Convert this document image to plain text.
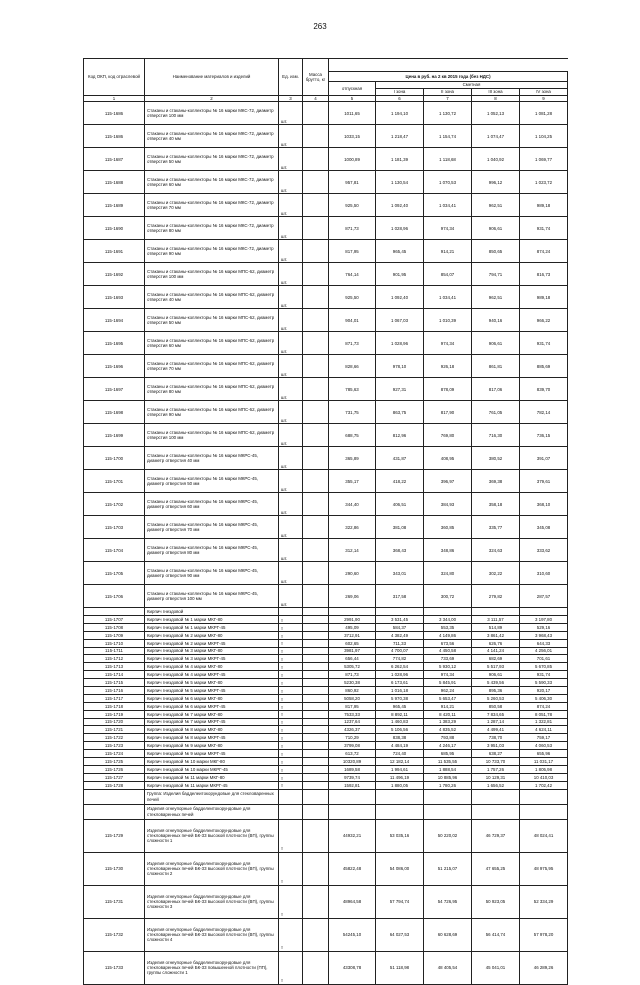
263
Код ОКП, код отраслевой	Наименование материалов и изделий	Ед. изм.	Масса брутто, кг					
				Цена в руб. на 2 кв 2015 года (без НДС)				
				отпускная	Сметная			
					I зона	II зона	III зона	IV зона
1	2	3	4	5	6	7	8	9
115-1686	Стаканы и стаканы-коллекторы № 16 марки МКС-72, диаметр отверстия 100 мм	шт.		1011,65	1 194,10	1 130,72	1 052,13	1 081,28
115-1686	Стаканы и стаканы-коллекторы № 16 марки МКС-72, диаметр отверстия 40 мм	шт.		1033,15	1 218,47	1 154,74	1 074,47	1 104,25
115-1687	Стаканы и стаканы-коллекторы № 16 марки МКС-72, диаметр отверстия 50 мм	шт.		1000,89	1 181,39	1 118,68	1 040,92	1 069,77
115-1688	Стаканы и стаканы-коллекторы № 16 марки МКС-72, диаметр отверстия 60 мм	шт.		957,81	1 130,54	1 070,53	996,12	1 023,72
115-1689	Стаканы и стаканы-коллекторы № 16 марки МКС-72, диаметр отверстия 70 мм	шт.		925,50	1 092,40	1 034,41	962,51	989,18
115-1690	Стаканы и стаканы-коллекторы № 16 марки МКС-72, диаметр отверстия 80 мм	шт.		871,73	1 028,96	974,34	906,61	931,74
115-1691	Стаканы и стаканы-коллекторы № 16 марки МКС-72, диаметр отверстия 90 мм	шт.		817,95	965,45	914,21	850,65	874,24
115-1692	Стаканы и стаканы-коллекторы № 16 марки МПС-62, диаметр отверстия 100 мм	шт.		764,14	901,95	854,07	794,71	816,73
115-1693	Стаканы и стаканы-коллекторы № 16 марки МПС-62, диаметр отверстия 40 мм	шт.		925,50	1 092,40	1 034,41	962,51	989,18
115-1694	Стаканы и стаканы-коллекторы № 16 марки МПС-62, диаметр отверстия 50 мм	шт.		904,01	1 067,03	1 010,39	940,16	966,22
115-1695	Стаканы и стаканы-коллекторы № 16 марки МПС-62, диаметр отверстия 60 мм	шт.		871,73	1 028,96	974,34	906,61	931,74
115-1696	Стаканы и стаканы-коллекторы № 16 марки МПС-62, диаметр отверстия 70 мм	шт.		828,66	978,10	926,18	861,81	885,69
115-1697	Стаканы и стаканы-коллекторы № 16 марки МПС-62, диаметр отверстия 80 мм	шт.		785,63	927,31	878,09	817,06	839,70
115-1698	Стаканы и стаканы-коллекторы № 16 марки МПС-62, диаметр отверстия 90 мм	шт.		731,75	863,75	817,90	761,05	782,14
115-1699	Стаканы и стаканы-коллекторы № 16 марки МПС-62, диаметр отверстия 100 мм	шт.		688,75	812,96	769,80	716,30	736,15
115-1700	Стаканы и стаканы-коллекторы № 16 марки МКРС-45, диаметр отверстия 40 мм	шт.		365,89	431,87	408,95	380,52	391,07
115-1701	Стаканы и стаканы-коллекторы № 16 марки МКРС-45, диаметр отверстия 50 мм	шт.		355,17	418,22	396,97	369,38	379,61
115-1702	Стаканы и стаканы-коллекторы № 16 марки МКРС-45, диаметр отверстия 60 мм	шт.		344,40	406,51	384,93	358,18	368,10
115-1703	Стаканы и стаканы-коллекторы № 16 марки МКРС-45, диаметр отверстия 70 мм	шт.		322,86	381,08	360,85	335,77	345,08
115-1704	Стаканы и стаканы-коллекторы № 16 марки МКРС-45, диаметр отверстия 80 мм	шт.		312,14	368,43	348,86	324,63	333,62
115-1705	Стаканы и стаканы-коллекторы № 16 марки МКРС-45, диаметр отверстия 90 мм	шт.		290,60	343,01	324,80	302,22	310,60
115-1706	Стаканы и стаканы-коллекторы № 16 марки МКРС-45, диаметр отверстия 100 мм	шт.		269,06	317,58	300,72	279,82	287,57
	Кирпич гнездовой							
115-1707	Кирпич гнездовой № 1 марки МКГ-80	т		2991,90	3 531,45	3 344,00	3 111,57	3 197,80
115-1708	Кирпич гнездовой № 1 марки МКРГ-45	т		495,09	584,37	553,35	514,89	529,16
115-1709	Кирпич гнездовой № 2 марки МКГ-80	т		3712,91	4 382,49	4 149,86	3 861,42	3 968,43
115-1710	Кирпич гнездовой № 2 марки МКРГ-45	т		602,65	711,33	673,56	626,76	644,33
115-1711	Кирпич гнездовой № 3 марки МКГ-80	т		3981,97	4 700,07	4 450,58	4 141,24	4 256,01
115-1712	Кирпич гнездовой № 3 марки МКРГ-45	т		656,44	774,82	733,69	682,69	701,61
115-1713	Кирпич гнездовой № 4 марки МКГ-80	т		5305,72	6 262,54	5 930,12	5 517,93	5 670,85
115-1714	Кирпич гнездовой № 4 марки МКРГ-45	т		871,73	1 028,96	974,34	906,61	931,74
115-1715	Кирпич гнездовой № 5 марки МКГ-80	т		5230,38	6 173,61	5 845,91	5 439,56	5 590,33
115-1716	Кирпич гнездовой № 5 марки МКРГ-45	т		860,92	1 016,18	962,24	895,36	920,17
115-1717	Кирпич гнездовой № 6 марки МКГ-80	т		5058,20	5 970,38	5 653,47	5 260,53	5 406,30
115-1718	Кирпич гнездовой № 6 марки МКРГ-45	т		817,95	965,45	914,21	850,58	874,24
115-1719	Кирпич гнездовой № 7 марки МКГ-80	т		7533,33	8 892,11	8 420,11	7 834,65	8 051,78
115-1720	Кирпич гнездовой № 7 марки МКРГ-45	т		1237,64	1 460,83	1 383,29	1 287,14	1 322,81
115-1721	Кирпич гнездовой № 8 марки МКГ-80	т		4326,37	5 106,56	4 835,52	4 499,41	4 624,11
115-1722	Кирпич гнездовой № 8 марки МКРГ-45	т		710,29	838,38	793,88	738,70	759,17
115-1723	Кирпич гнездовой № 9 марки МКГ-80	т		3799,08	4 484,19	4 246,17	3 951,03	4 060,53
115-1724	Кирпич гнездовой № 9 марки МКРГ-45	т		613,72	724,40	685,95	638,27	655,96
115-1725	Кирпич гнездовой № 10 марки МКГ-80	т		10320,89	12 182,14	11 535,55	10 733,70	11 031,17
115-1726	Кирпич гнездовой № 10 марки МКРГ-45	т		1689,58	1 994,61	1 888,54	1 757,26	1 805,98
115-1727	Кирпич гнездовой № 11 марки МКГ-80	т		9739,74	11 496,19	10 885,96	10 129,31	10 410,03
115-1728	Кирпич гнездовой № 11 марки МКРГ-45	т		1592,81	1 880,05	1 780,26	1 656,52	1 702,42
	Группа: Изделия бадделеитокорундовые для стекловаренных печей							
	Изделия огнеупорные бадделеитокорундовые для стекловаренных печей							
115-1729	Изделия огнеупорные бадделеитокорундовые для стекловаренных печей БК-33 высокой плотности (ВП), группы сложности 1	т		44932,21	53 035,16	50 220,02	46 729,37	48 024,41
115-1730	Изделия огнеупорные бадделеитокорундовые для стекловаренных печей БК-33 высокой плотности (ВП), группы сложности 2	т		45822,48	54 086,00	51 215,07	47 655,25	48 975,95
115-1731	Изделия огнеупорные бадделеитокорундовые для стекловаренных печей БК-33 высокой плотности (ВП), группы сложности 3	т		48964,58	57 794,74	54 726,95	50 923,05	52 334,29
115-1732	Изделия огнеупорные бадделеитокорундовые для стекловаренных печей БК-33 высокой плотности (ВП), группы сложности 4	т		54245,10	64 027,53	60 628,69	56 414,74	57 978,20
115-1733	Изделия огнеупорные бадделеитокорундовые для стекловаренных печей БК-33 повышенной плотности (ПП), группы сложности 1	т		43308,78	51 118,98	48 405,54	45 041,01	46 289,26
